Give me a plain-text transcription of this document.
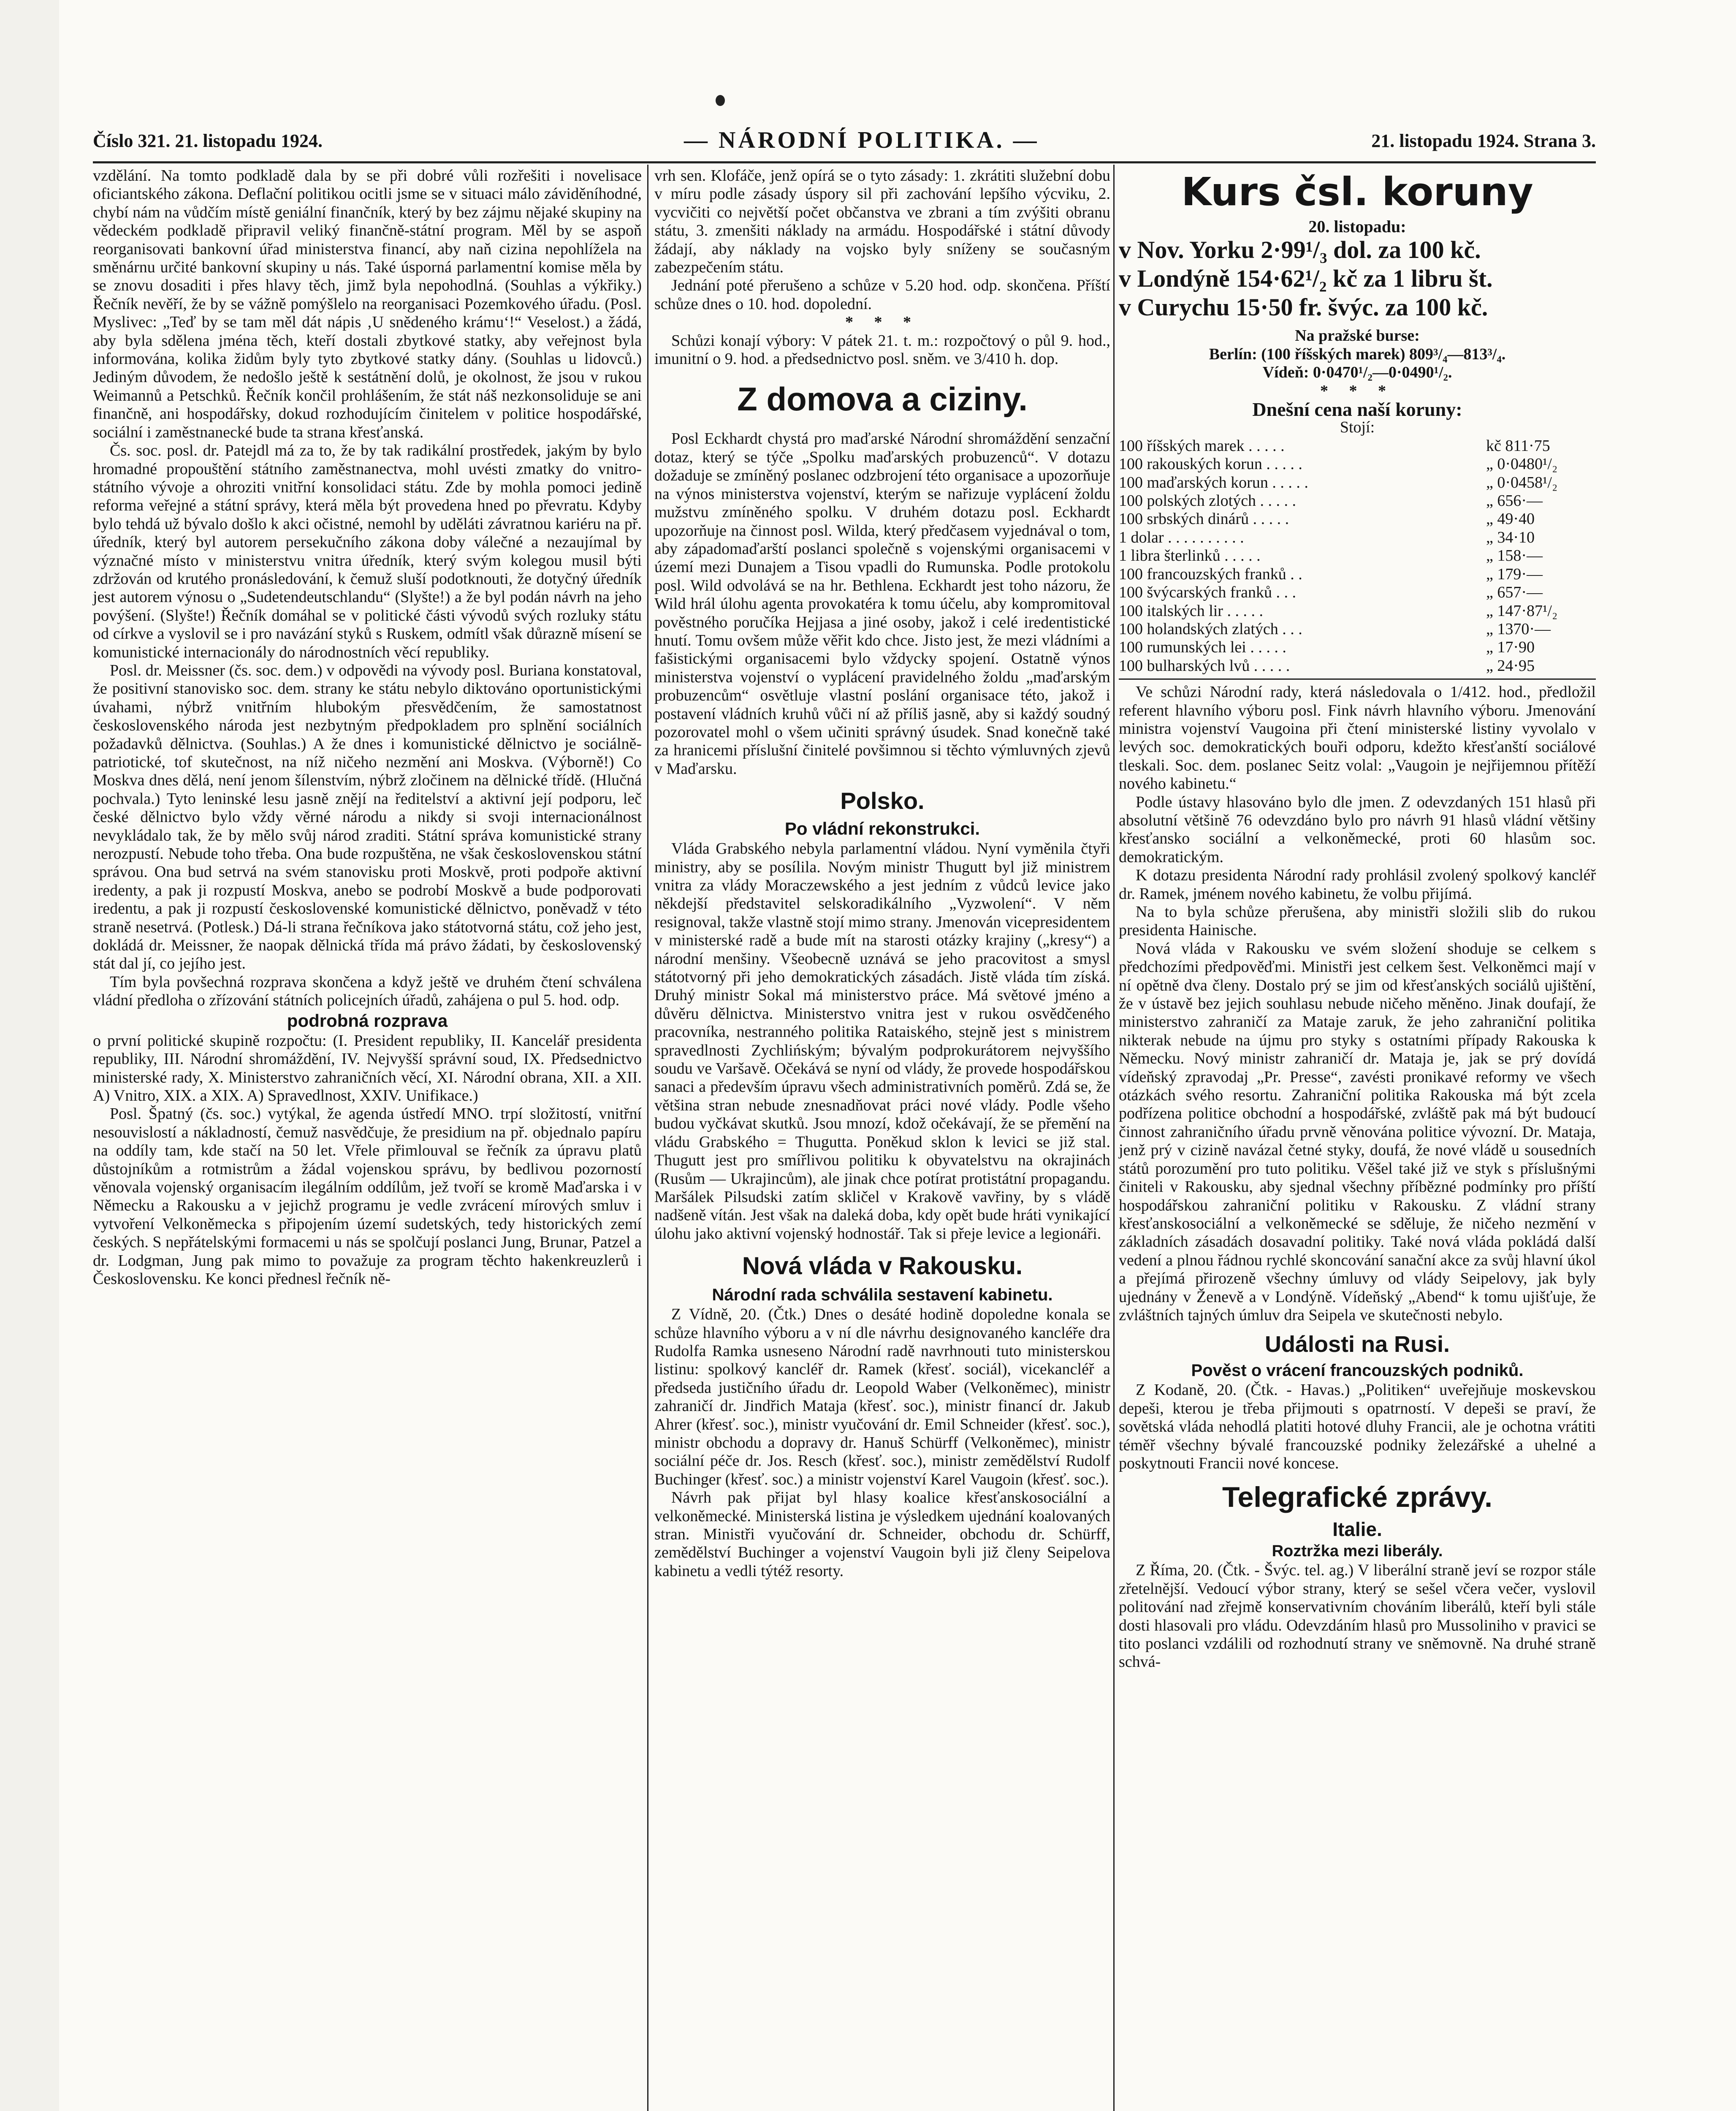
Číslo 321. 21. listopadu 1924.	— NÁRODNÍ POLITIKA. —	21. listopadu 1924. Strana 3.

vzdělání. Na tomto podkladě dala by se při dobré vůli rozřešiti i novelisace oficiantského zákona. Deflační politikou ocitli jsme se v situaci málo záviděníhodné, chybí nám na vůdčím místě geniální finančník, který by bez zájmu nějaké skupiny na vědeckém podkladě připravil veliký finančně-státní program. Měl by se aspoň reorganisovati bankovní úřad ministerstva financí, aby naň cizina nepohlížela na směnárnu určité bankovní skupiny u nás. Také úsporná parlamentní komise měla by se znovu dosaditi i přes hlavy těch, jimž byla nepohodlná. (Souhlas a výkřiky.) Řečník nevěří, že by se vážně pomýšlelo na reorganisaci Pozemkového úřadu. (Posl. Myslivec: „Teď by se tam měl dát nápis ‚U snědeného krámu‘!“ Veselost.) a žádá, aby byla sdělena jména těch, kteří dostali zbytkové statky, aby veřejnost byla informována, kolika židům byly tyto zbytkové statky dány. (Souhlas u lidovců.) Jediným důvodem, že nedošlo ještě k sestátnění dolů, je okolnost, že jsou v rukou Weimannů a Petschků. Řečník končil prohlášením, že stát náš nezkonsoliduje se ani finančně, ani hospodářsky, dokud rozhodujícím činitelem v politice hospodářské, sociální i zaměstnanecké bude ta strana křesťanská.

Čs. soc. posl. dr. Patejdl má za to, že by tak radikální prostředek, jakým by bylo hromadné propouštění státního zaměstnanectva, mohl uvésti zmatky do vnitro-státního vývoje a ohroziti vnitřní konsolidaci státu. Zde by mohla pomoci jedině reforma veřejné a státní správy, která měla být provedena hned po převratu. Kdyby bylo tehdá už bývalo došlo k akci očistné, nemohl by uděláti závratnou kariéru na př. úředník, který byl autorem persekučního zákona doby válečné a nezaujímal by význačné místo v ministerstvu vnitra úředník, který svým kolegou musil býti zdržován od krutého pronásledování, k čemuž sluší podotknouti, že dotyčný úředník jest autorem výnosu o „Sudetendeutschlandu“ (Slyšte!) a že byl podán návrh na jeho povýšení. (Slyšte!) Řečník domáhal se v politické části vývodů svých rozluky státu od církve a vyslovil se i pro navázání styků s Ruskem, odmítl však důrazně mísení se komunistické internacionály do národnostních věcí republiky.

Posl. dr. Meissner (čs. soc. dem.) v odpovědi na vývody posl. Buriana konstatoval, že positivní stanovisko soc. dem. strany ke státu nebylo diktováno oportunistickými úvahami, nýbrž vnitřním hlubokým přesvědčením, že samostatnost československého národa jest nezbytným předpokladem pro splnění sociálních požadavků dělnictva. (Souhlas.) A že dnes i komunistické dělnictvo je sociálně-patriotické, tof skutečnost, na níž ničeho nezmění ani Moskva. (Výborně!) Co Moskva dnes dělá, není jenom šílenstvím, nýbrž zločinem na dělnické třídě. (Hlučná pochvala.) Tyto leninské lesu jasně znějí na ředitelství a aktivní její podporu, leč české dělnictvo bylo vždy věrné národu a nikdy si svoji internacionálnost nevykládalo tak, že by mělo svůj národ zraditi. Státní správa komunistické strany nerozpustí. Nebude toho třeba. Ona bude rozpuštěna, ne však československou státní správou. Ona bud setrvá na svém stanovisku proti Moskvě, proti podpoře aktivní iredenty, a pak ji rozpustí Moskva, anebo se podrobí Moskvě a bude podporovati iredentu, a pak ji rozpustí československé komunistické dělnictvo, poněvadž v této straně nesetrvá. (Potlesk.) Dá-li strana řečníkova jako státotvorná státu, což jeho jest, dokládá dr. Meissner, že naopak dělnická třída má právo žádati, by československý stát dal jí, co jejího jest.

Tím byla povšechná rozprava skončena a když ještě ve druhém čtení schválena vládní předloha o zřízování státních policejních úřadů, zahájena o pul 5. hod. odp.

podrobná rozprava

o první politické skupině rozpočtu: (I. President republiky, II. Kancelář presidenta republiky, III. Národní shromáždění, IV. Nejvyšší správní soud, IX. Předsednictvo ministerské rady, X. Ministerstvo zahraničních věcí, XI. Národní obrana, XII. a XII. A) Vnitro, XIX. a XIX. A) Spravedlnost, XXIV. Unifikace.)

Posl. Špatný (čs. soc.) vytýkal, že agenda ústředí MNO. trpí složitostí, vnitřní nesouvislostí a nákladností, čemuž nasvědčuje, že presidium na př. objednalo papíru na oddíly tam, kde stačí na 50 let. Vřele přimlouval se řečník za úpravu platů důstojníkům a rotmistrům a žádal vojenskou správu, by bedlivou pozorností věnovala vojenský organisacím ilegálním oddílům, jež tvoří se kromě Maďarska i v Německu a Rakousku a v jejichž programu je vedle zvrácení mírových smluv i vytvoření Velkoněmecka s připojením území sudetských, tedy historických zemí českých. S nepřátelskými formacemi u nás se spolčují poslanci Jung, Brunar, Patzel a dr. Lodgman, Jung pak mimo to považuje za program těchto hakenkreuzlerů i Československu. Ke konci přednesl řečník ně-

vrh sen. Klofáče, jenž opírá se o tyto zásady: 1. zkrátiti služební dobu v míru podle zásady úspory sil při zachování lepšího výcviku, 2. vycvičiti co největší počet občanstva ve zbrani a tím zvýšiti obranu státu, 3. zmenšiti náklady na armádu. Hospodářské i státní důvody žádají, aby náklady na vojsko byly sníženy se současným zabezpečením státu.

Jednání poté přerušeno a schůze v 5.20 hod. odp. skončena. Příští schůze dnes o 10. hod. dopolední.

* * *

Schůzi konají výbory: V pátek 21. t. m.: rozpočtový o půl 9. hod., imunitní o 9. hod. a předsednictvo posl. sněm. ve 3/410 h. dop.

Z domova a ciziny.

Posl Eckhardt chystá pro maďarské Národní shromáždění senzační dotaz, který se týče „Spolku maďarských probuzenců“. V dotazu dožaduje se zmíněný poslanec odzbrojení této organisace a upozorňuje na výnos ministerstva vojenství, kterým se nařizuje vyplácení žoldu mužstvu zmíněného spolku. V druhém dotazu posl. Eckhardt upozorňuje na činnost posl. Wilda, který předčasem vyjednával o tom, aby západomaďarští poslanci společně s vojenskými organisacemi v území mezi Dunajem a Tisou vpadli do Rumunska. Podle protokolu posl. Wild odvolává se na hr. Bethlena. Eckhardt jest toho názoru, že Wild hrál úlohu agenta provokatéra k tomu účelu, aby kompromitoval pověstného poručíka Hejjasa a jiné osoby, jakož i celé iredentistické hnutí. Tomu ovšem může věřit kdo chce. Jisto jest, že mezi vládními a fašistickými organisacemi bylo vždycky spojení. Ostatně výnos ministerstva vojenství o vyplácení pravidelného žoldu „maďarským probuzencům“ osvětluje vlastní poslání organisace této, jakož i postavení vládních kruhů vůči ní až příliš jasně, aby si každý soudný pozorovatel mohl o všem učiniti správný úsudek. Snad konečně také za hranicemi příslušní činitelé povšimnou si těchto výmluvných zjevů v Maďarsku.

Polsko.
Po vládní rekonstrukci.

Vláda Grabského nebyla parlamentní vládou. Nyní vyměnila čtyři ministry, aby se posílila. Novým ministr Thugutt byl již ministrem vnitra za vlády Moraczewského a jest jedním z vůdců levice jako někdejší představitel selskoradikálního „Vyzwolení“. V něm resignoval, takže vlastně stojí mimo strany. Jmenován vicepresidentem v ministerské radě a bude mít na starosti otázky krajiny („kresy“) a národní menšiny. Všeobecně uznává se jeho pracovitost a smysl státotvorný při jeho demokratických zásadách. Jistě vláda tím získá. Druhý ministr Sokal má ministerstvo práce. Má světové jméno a důvěru dělnictva. Ministerstvo vnitra jest v rukou osvědčeného pracovníka, nestranného politika Rataiského, stejně jest s ministrem spravedlnosti Zychlińským; bývalým podprokurátorem nejvyššího soudu ve Varšavě. Očekává se nyní od vlády, že provede hospodářskou sanaci a především úpravu všech administrativních poměrů. Zdá se, že většina stran nebude znesnadňovat práci nové vlády. Podle všeho budou vyčkávat skutků. Jsou mnozí, kdož očekávají, že se přemění na vládu Grabského = Thugutta. Poněkud sklon k levici se již stal. Thugutt jest pro smířlivou politiku k obyvatelstvu na okrajinách (Rusům — Ukrajincům), ale jinak chce potírat protistátní propagandu. Maršálek Pilsudski zatím skličel v Krakově vavřiny, by s vládě nadšeně vítán. Jest však na daleká doba, kdy opět bude hráti vynikající úlohu jako aktivní vojenský hodnostář. Tak si přeje levice a legionáři.

Nová vláda v Rakousku.
Národní rada schválila sestavení kabinetu.

Z Vídně, 20. (Čtk.) Dnes o desáté hodině dopoledne konala se schůze hlavního výboru a v ní dle návrhu designovaného kancléře dra Rudolfa Ramka usneseno Národní radě navrhnouti tuto ministerskou listinu: spolkový kancléř dr. Ramek (křesť. sociál), vicekancléř a předseda justičního úřadu dr. Leopold Waber (Velkoněmec), ministr zahraničí dr. Jindřich Mataja (křesť. soc.), ministr financí dr. Jakub Ahrer (křesť. soc.), ministr vyučování dr. Emil Schneider (křesť. soc.), ministr obchodu a dopravy dr. Hanuš Schürff (Velkoněmec), ministr sociální péče dr. Jos. Resch (křesť. soc.), ministr zemědělství Rudolf Buchinger (křesť. soc.) a ministr vojenství Karel Vaugoin (křesť. soc.).

Návrh pak přijat byl hlasy koalice křesťanskosociální a velkoněmecké. Ministerská listina je výsledkem ujednání koalovaných stran. Ministři vyučování dr. Schneider, obchodu dr. Schürff, zemědělství Buchinger a vojenství Vaugoin byli již členy Seipelova kabinetu a vedli týtéž resorty.

Kurs čsl. koruny
20. listopadu:
v Nov. Yorku 2·99¹/₃ dol. za 100 kč.
v Londýně 154·62¹/₂ kč za 1 libru št.
v Curychu 15·50 fr. švýc. za 100 kč.
Na pražské burse:
Berlín: (100 říšských marek) 809³/₄—813³/₄.
Vídeň: 0·0470¹/₂—0·0490¹/₂.
* * *
Dnešní cena naší koruny:
Stojí:
100 říšských marek . . . . .	kč 811·75
100 rakouských korun . . . . .	„ 0·0480¹/₂
100 maďarských korun . . . . .	„ 0·0458¹/₂
100 polských zlotých . . . . .	„ 656·—
100 srbských dinárů . . . . .	„ 49·40
1 dolar . . . . . . . . . .	„ 34·10
1 libra šterlinků . . . . .	„ 158·—
100 francouzských franků . .	„ 179·—
100 švýcarských franků . . .	„ 657·—
100 italských lir . . . . .	„ 147·87¹/₂
100 holandských zlatých . . .	„ 1370·—
100 rumunských lei . . . . .	„ 17·90
100 bulharských lvů . . . . .	„ 24·95

Ve schůzi Národní rady, která následovala o 1/412. hod., předložil referent hlavního výboru posl. Fink návrh hlavního výboru. Jmenování ministra vojenství Vaugoina při čtení ministerské listiny vyvolalo v levých soc. demokratických bouři odporu, kdežto křesťanští sociálové tleskali. Soc. dem. poslanec Seitz volal: „Vaugoin je nejřijemnou přítěží nového kabinetu.“

Podle ústavy hlasováno bylo dle jmen. Z odevzdaných 151 hlasů při absolutní většině 76 odevzdáno bylo pro návrh 91 hlasů vládní většiny křesťansko sociální a velkoněmecké, proti 60 hlasům soc. demokratickým.

K dotazu presidenta Národní rady prohlásil zvolený spolkový kancléř dr. Ramek, jménem nového kabinetu, že volbu přijímá.

Na to byla schůze přerušena, aby ministři složili slib do rukou presidenta Hainische.

Nová vláda v Rakousku ve svém složení shoduje se celkem s předchozími předpověďmi. Ministři jest celkem šest. Velkoněmci mají v ní opětně dva členy. Dostalo prý se jim od křesťanských sociálů ujištění, že v ústavě bez jejich souhlasu nebude ničeho měněno. Jinak doufají, že ministerstvo zahraničí za Mataje zaruk, že jeho zahraniční politika nikterak nebude na újmu pro styky s ostatními případy Rakouska k Německu. Nový ministr zahraničí dr. Mataja je, jak se prý dovídá vídeňský zpravodaj „Pr. Presse“, zavésti pronikavé reformy ve všech otázkách svého resortu. Zahraniční politika Rakouska má být zcela podřízena politice obchodní a hospodářské, zvláště pak má být budoucí činnost zahraničního úřadu prvně věnována politice vývozní. Dr. Mataja, jenž prý v cizině navázal četné styky, doufá, že nové vládě u sousedních států porozumění pro tuto politiku. Věšel také již ve styk s příslušnými činiteli v Rakousku, aby sjednal všechny příbězné podmínky pro příští hospodářskou zahraniční politiku v Rakousku. Z vládní strany křesťanskosociální a velkoněmecké se sděluje, že ničeho nezmění v základních zásadách dosavadní politiky. Také nová vláda pokládá další vedení a plnou řádnou rychlé skoncování sanační akce za svůj hlavní úkol a přejímá přirozeně všechny úmluvy od vlády Seipelovy, jak byly ujednány v Ženevě a v Londýně. Vídeňský „Abend“ k tomu ujišťuje, že zvláštních tajných úmluv dra Seipela ve skutečnosti nebylo.

Události na Rusi.
Pověst o vrácení francouzských podniků.

Z Kodaně, 20. (Čtk. - Havas.) „Politiken“ uveřejňuje moskevskou depeši, kterou je třeba přijmouti s opatrností. V depeši se praví, že sovětská vláda nehodlá platiti hotové dluhy Francii, ale je ochotna vrátiti téměř všechny bývalé francouzské podniky železářské a uhelné a poskytnouti Francii nové koncese.

Telegrafické zprávy.
Italie.
Roztržka mezi liberály.

Z Říma, 20. (Čtk. - Švýc. tel. ag.) V liberální straně jeví se rozpor stále zřetelnější. Vedoucí výbor strany, který se sešel včera večer, vyslovil politování nad zřejmě konservativním chováním liberálů, kteří byli stále dosti hlasovali pro vládu. Odevzdáním hlasů pro Mussoliniho v pravici se tito poslanci vzdálili od rozhodnutí strany ve sněmovně. Na druhé straně schvá-
